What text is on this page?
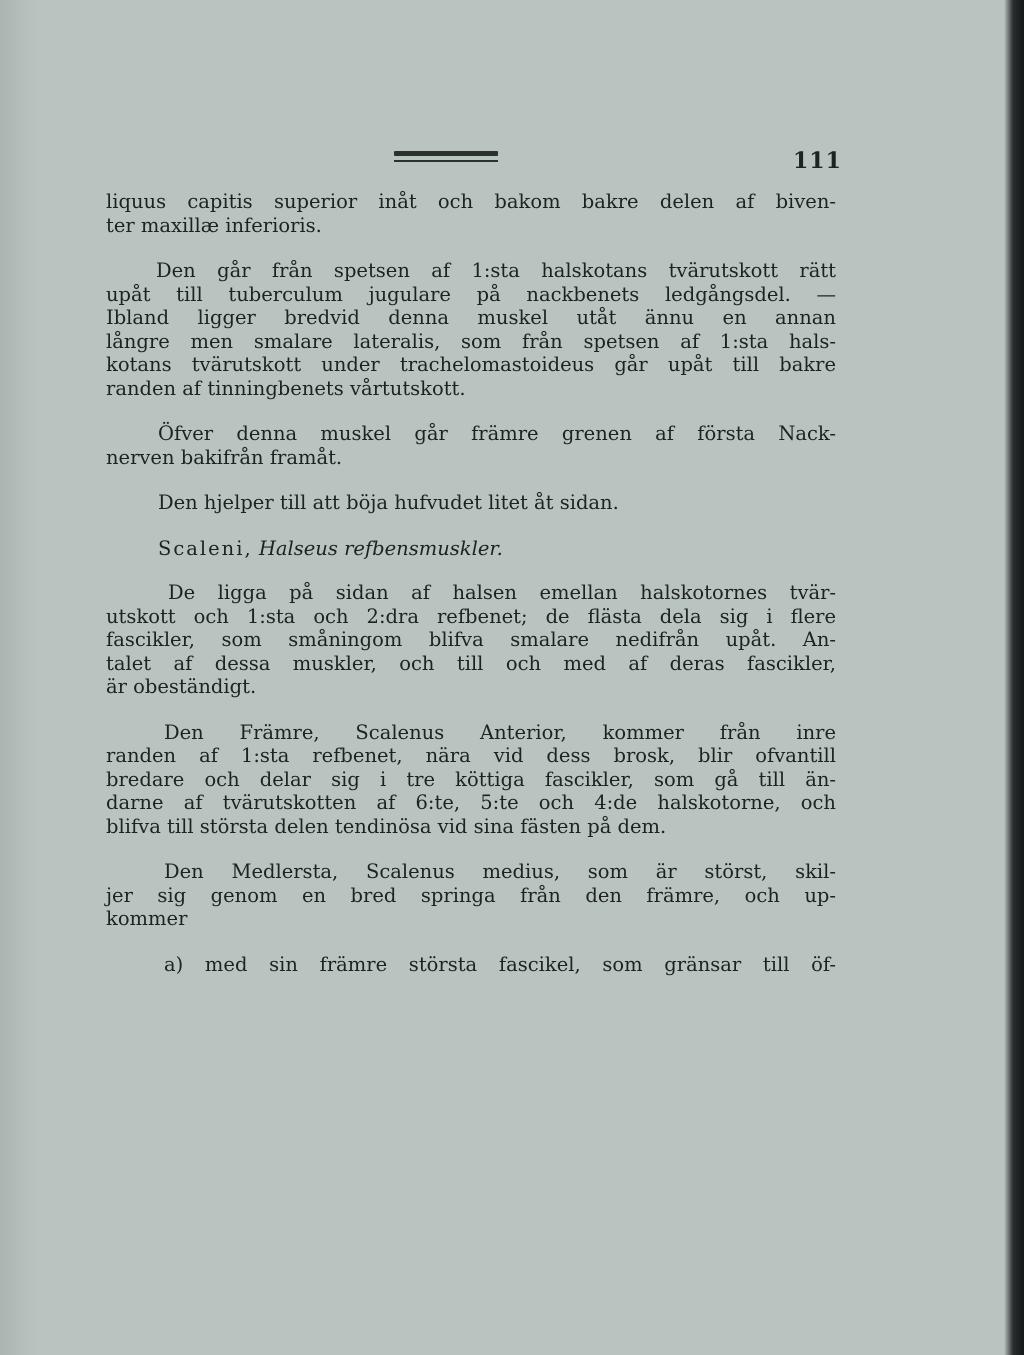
111
liquus capitis superior inåt och bakom bakre delen af biven-
ter maxillæ inferioris.
Den går från spetsen af 1:sta halskotans tvärutskott rätt
upåt till tuberculum jugulare på nackbenets ledgångsdel. —
Ibland ligger bredvid denna muskel utåt ännu en annan
långre men smalare lateralis, som från spetsen af 1:sta hals-
kotans tvärutskott under trachelomastoideus går upåt till bakre
randen af tinningbenets vårtutskott.
Öfver denna muskel går främre grenen af första Nack-
nerven bakifrån framåt.
Den hjelper till att böja hufvudet litet åt sidan.
Scaleni, Halseus refbensmuskler.
De ligga på sidan af halsen emellan halskotornes tvär-
utskott och 1:sta och 2:dra refbenet; de flästa dela sig i flere
fascikler, som småningom blifva smalare nedifrån upåt. An-
talet af dessa muskler, och till och med af deras fascikler,
är obeständigt.
Den Främre, Scalenus Anterior, kommer från inre
randen af 1:sta refbenet, nära vid dess brosk, blir ofvantill
bredare och delar sig i tre köttiga fascikler, som gå till än-
darne af tvärutskotten af 6:te, 5:te och 4:de halskotorne, och
blifva till största delen tendinösa vid sina fästen på dem.
Den Medlersta, Scalenus medius, som är störst, skil-
jer sig genom en bred springa från den främre, och up-
kommer
a) med sin främre största fascikel, som gränsar till öf-
